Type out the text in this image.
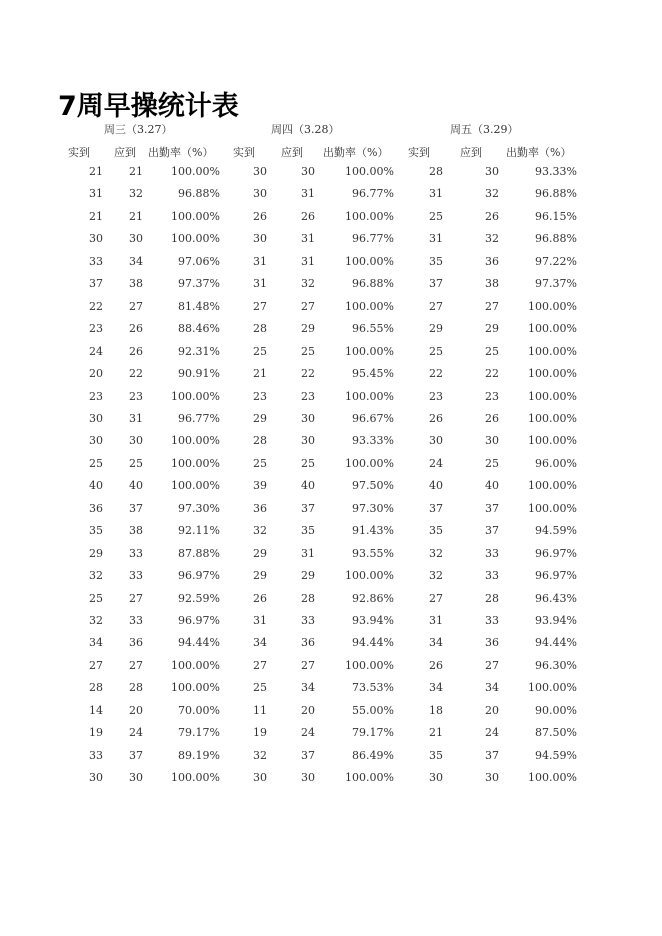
7周早操统计表
周三（3.27）	周四（3.28）	周五（3.29）
实到 应到 出勤率（%） 实到 应到 出勤率（%） 实到	应到 出勤率（%）
21	21	100.00%	30	30	100.00%	28	30	93.33%
31	32	96.88%	30	31	96.77%	31	32	96.88%
21	21	100.00%	26	26	100.00%	25	26	96.15%
30	30	100.00%	30	31	96.77%	31	32	96.88%
33	34	97.06%	31	31	100.00%	35	36	97.22%
37	38	97.37%	31	32	96.88%	37	38	97.37%
22	27	81.48%	27	27	100.00%	27	27	100.00%
23	26	88.46%	28	29	96.55%	29	29	100.00%
24	26	92.31%	25	25	100.00%	25	25	100.00%
20	22	90.91%	21	22	95.45%	22	22	100.00%
23	23	100.00%	23	23	100.00%	23	23	100.00%
30	31	96.77%	29	30	96.67%	26	26	100.00%
30	30	100.00%	28	30	93.33%	30	30	100.00%
25	25	100.00%	25	25	100.00%	24	25	96.00%
40	40	100.00%	39	40	97.50%	40	40	100.00%
36	37	97.30%	36	37	97.30%	37	37	100.00%
35	38	92.11%	32	35	91.43%	35	37	94.59%
29	33	87.88%	29	31	93.55%	32	33	96.97%
32	33	96.97%	29	29	100.00%	32	33	96.97%
25	27	92.59%	26	28	92.86%	27	28	96.43%
32	33	96.97%	31	33	93.94%	31	33	93.94%
34	36	94.44%	34	36	94.44%	34	36	94.44%
27	27	100.00%	27	27	100.00%	26	27	96.30%
28	28	100.00%	25	34	73.53%	34	34	100.00%
14	20	70.00%	11	20	55.00%	18	20	90.00%
19	24	79.17%	19	24	79.17%	21	24	87.50%
33	37	89.19%	32	37	86.49%	35	37	94.59%
30	30	100.00%	30	30	100.00%	30	30	100.00%
